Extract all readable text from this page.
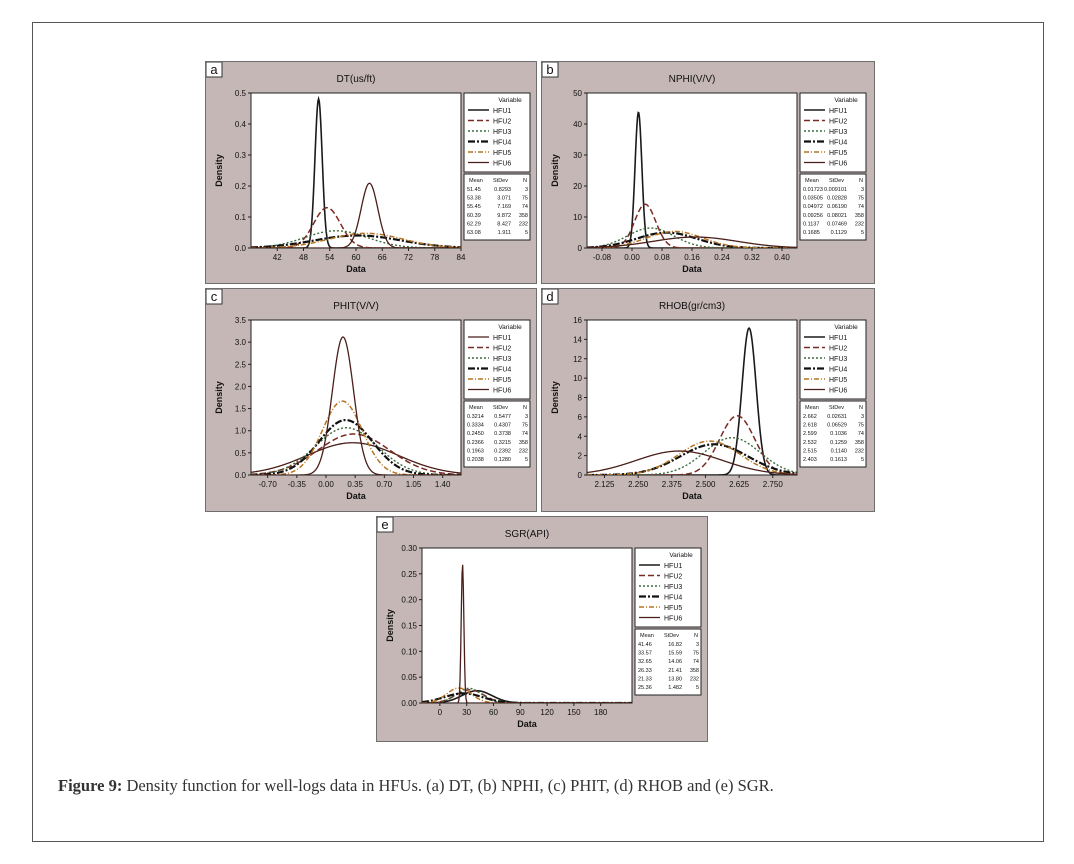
a
DT(us/ft)
0.0
0.1
0.2
0.3
0.4
0.5
42 48 54 60 66 72 78 84
Data
Density
Variable
HFU1
HFU2
HFU3
HFU4
HFU5
HFU6
Mean StDev	N
51.45 0.8293	3
53.38	3.071 75
55.45	7.169 74
60.39	9.872 358
62.29	8.427 232
63.08	1.911	5
b
NPHI(V/V)
0
10
20
30
40
50
-0.08 0.00 0.08 0.16 0.24 0.32 0.40
Data
Density
Variable
HFU1
HFU2
HFU3
HFU4
HFU5
HFU6
Mean StDev	N
0.01723 0.009101	3
0.03505 0.02828 75
0.04972 0.06190 74
0.09256 0.08021 358
0.1137 0.07469 232
0.1685 0.1129	5
c
PHIT(V/V)
0.0
0.5
1.0
1.5
2.0
2.5
3.0
3.5
-0.70 -0.35 0.00 0.35 0.70 1.05 1.40
Data
Density
Variable
HFU1
HFU2
HFU3
HFU4
HFU5
HFU6
Mean StDev	N
0.3214 0.5477	3
0.3334 0.4307 75
0.2450 0.3738 74
0.2366 0.3215 358
0.1963 0.2392 232
0.2038 0.1280	5
d
RHOB(gr/cm3)
0
2
4
6
8
10
12
14
16
2.125 2.250 2.375 2.500 2.625 2.750
Data
Density
Variable
HFU1
HFU2
HFU3
HFU4
HFU5
HFU6
Mean StDev	N
2.662 0.02631	3
2.618 0.06529 75
2.599 0.1036 74
2.532 0.1259 358
2.515	0.1140 232
2.403 0.1613	5
e
SGR(API)
0.00
0.05
0.10
0.15
0.20
0.25
0.30
0	30 60 90 120 150 180
Data
Density
Variable
HFU1
HFU2
HFU3
HFU4
HFU5
HFU6
Mean StDev	N
41.46	16.82	3
33.57	15.59 75
32.65	14.06 74
26.33	21.41 358
21.33	13.80 232
25.36	1.482	5
Figure 9: Density function for well-logs data in HFUs. (a) DT, (b) NPHI, (c) PHIT, (d) RHOB and (e) SGR.
